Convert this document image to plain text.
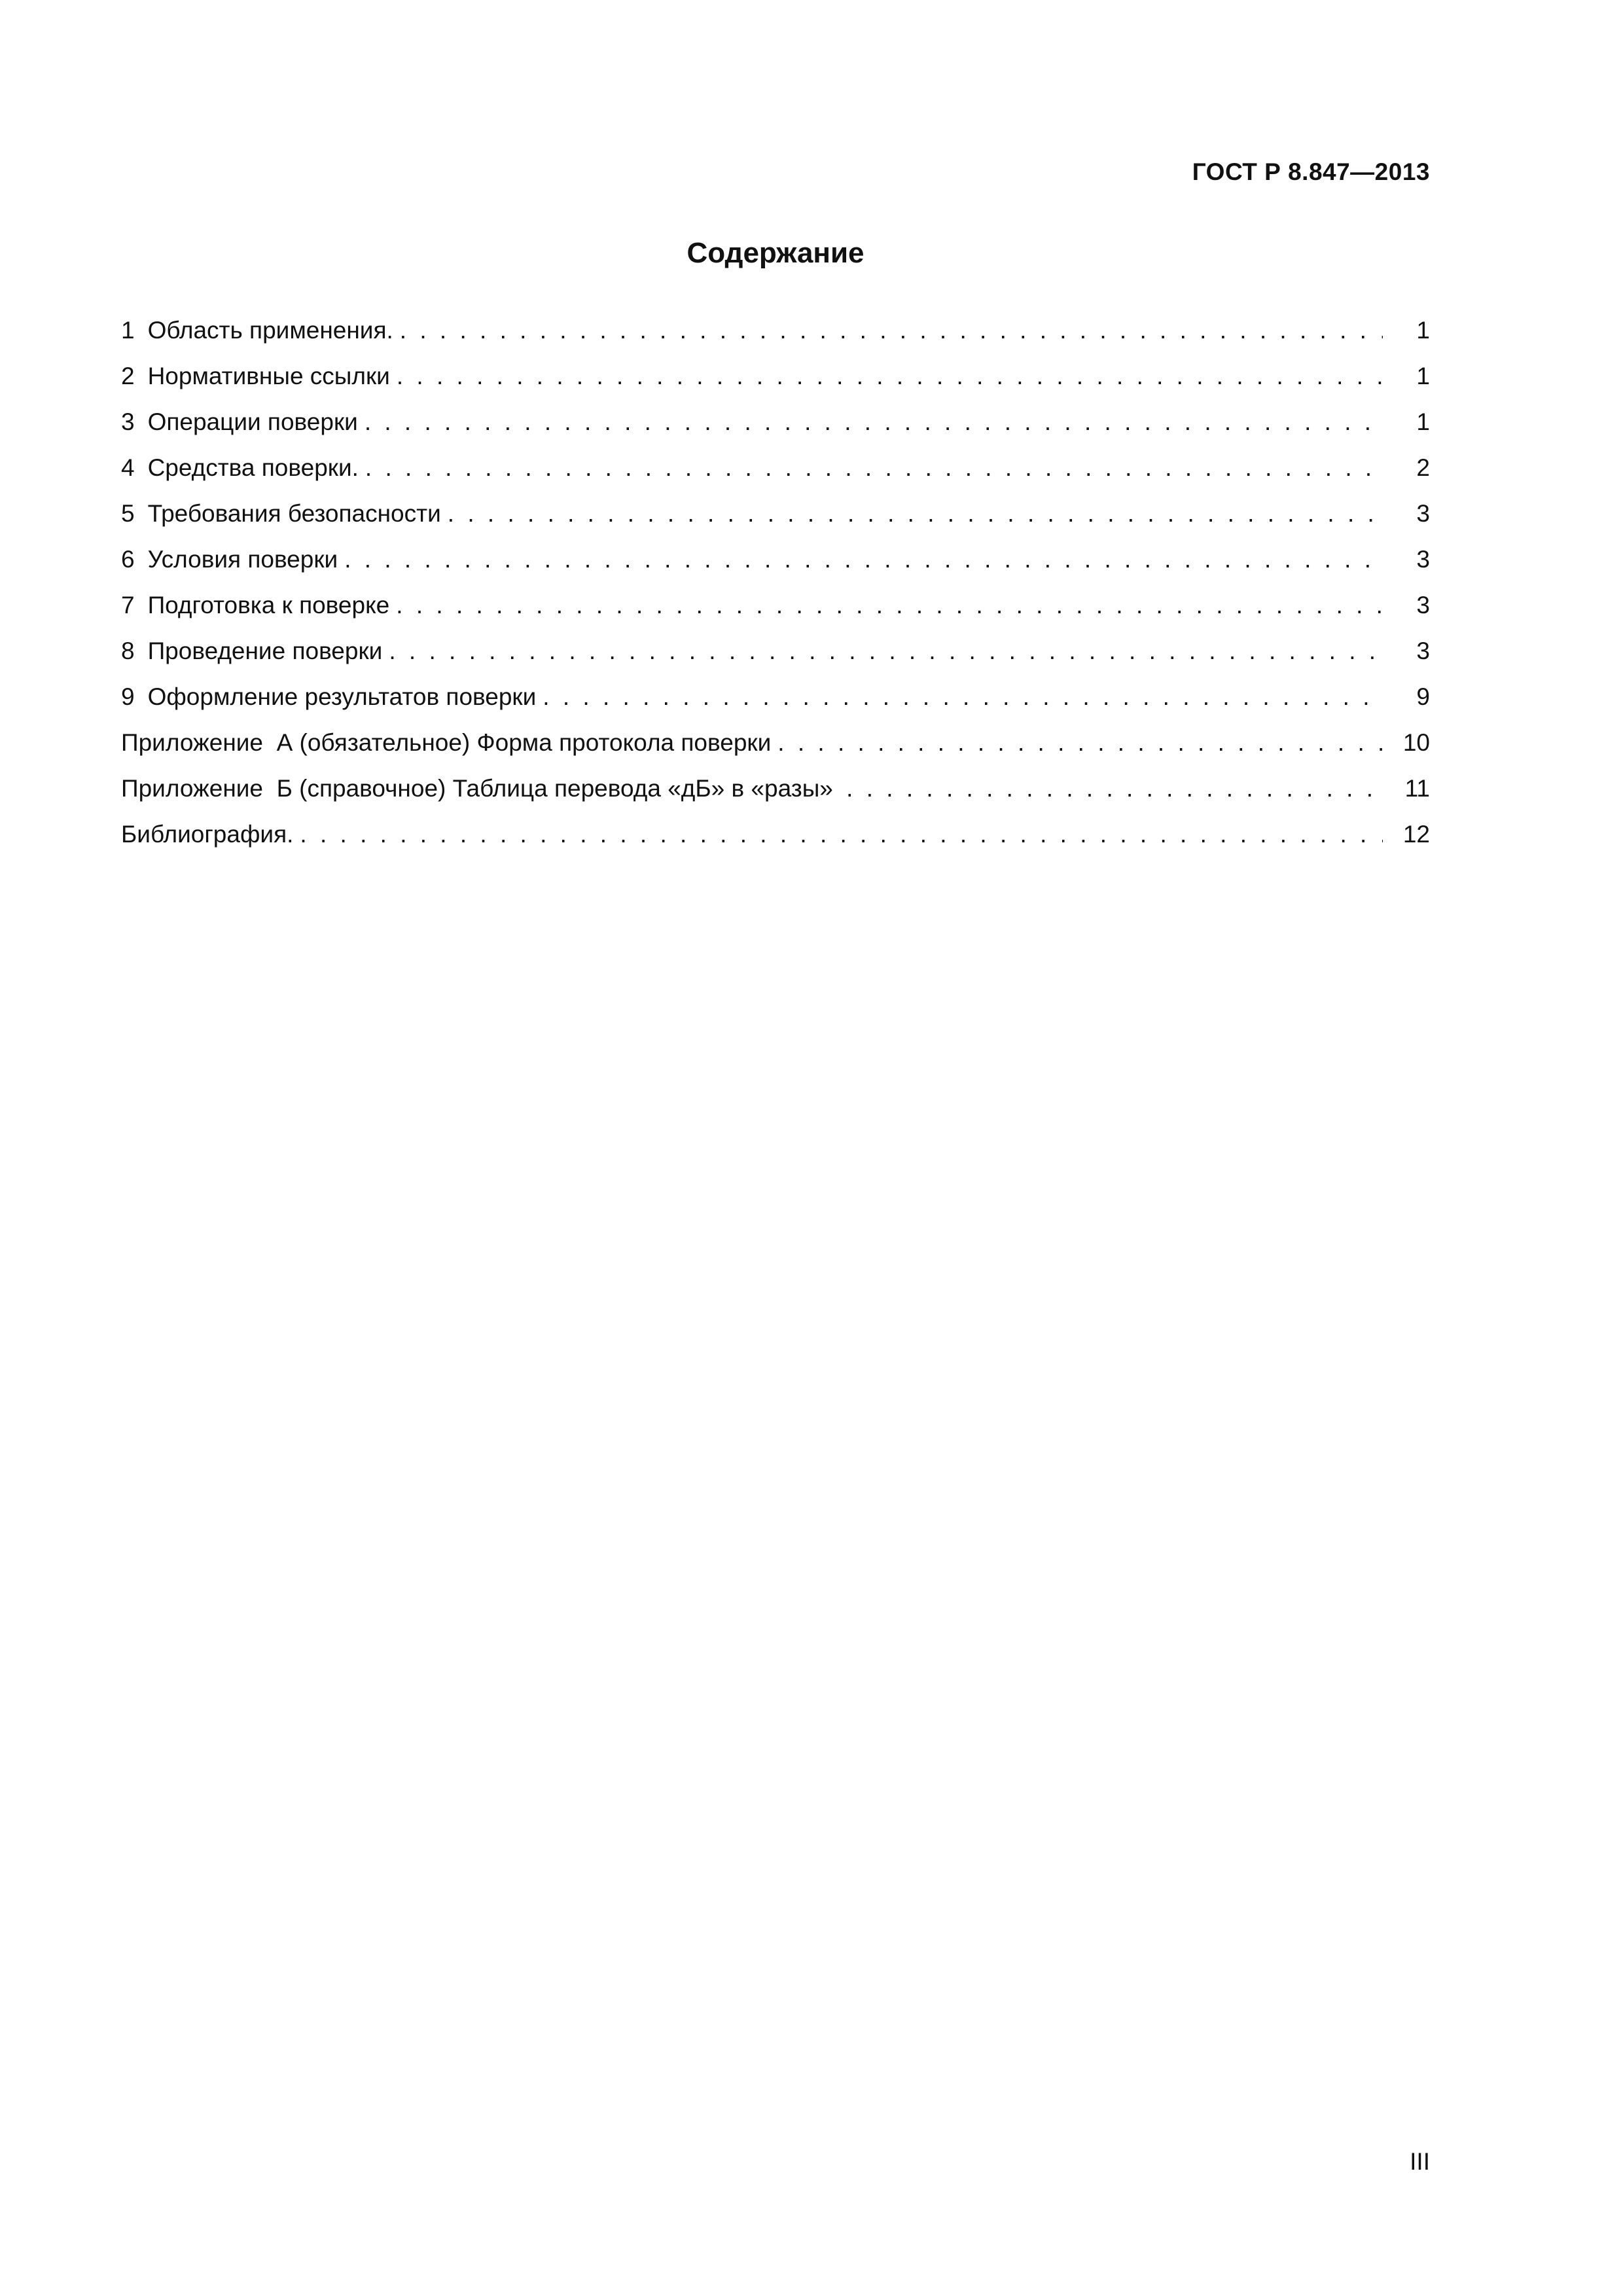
ГОСТ Р 8.847—2013
Содержание
1 Область применения. . . .	1
2 Нормативные ссылки . . .	1
3 Операции поверки . . .	1
4 Средства поверки. . . .	2
5 Требования безопасности . . .	3
6 Условия поверки . . .	3
7 Подготовка к поверке . . .	3
8 Проведение поверки . . .	3
9 Оформление результатов поверки . . .	9
Приложение  А (обязательное) Форма протокола поверки . . .	10
Приложение  Б (справочное) Таблица перевода «дБ» в «разы» . . .	11
Библиография. . . .	12
III
